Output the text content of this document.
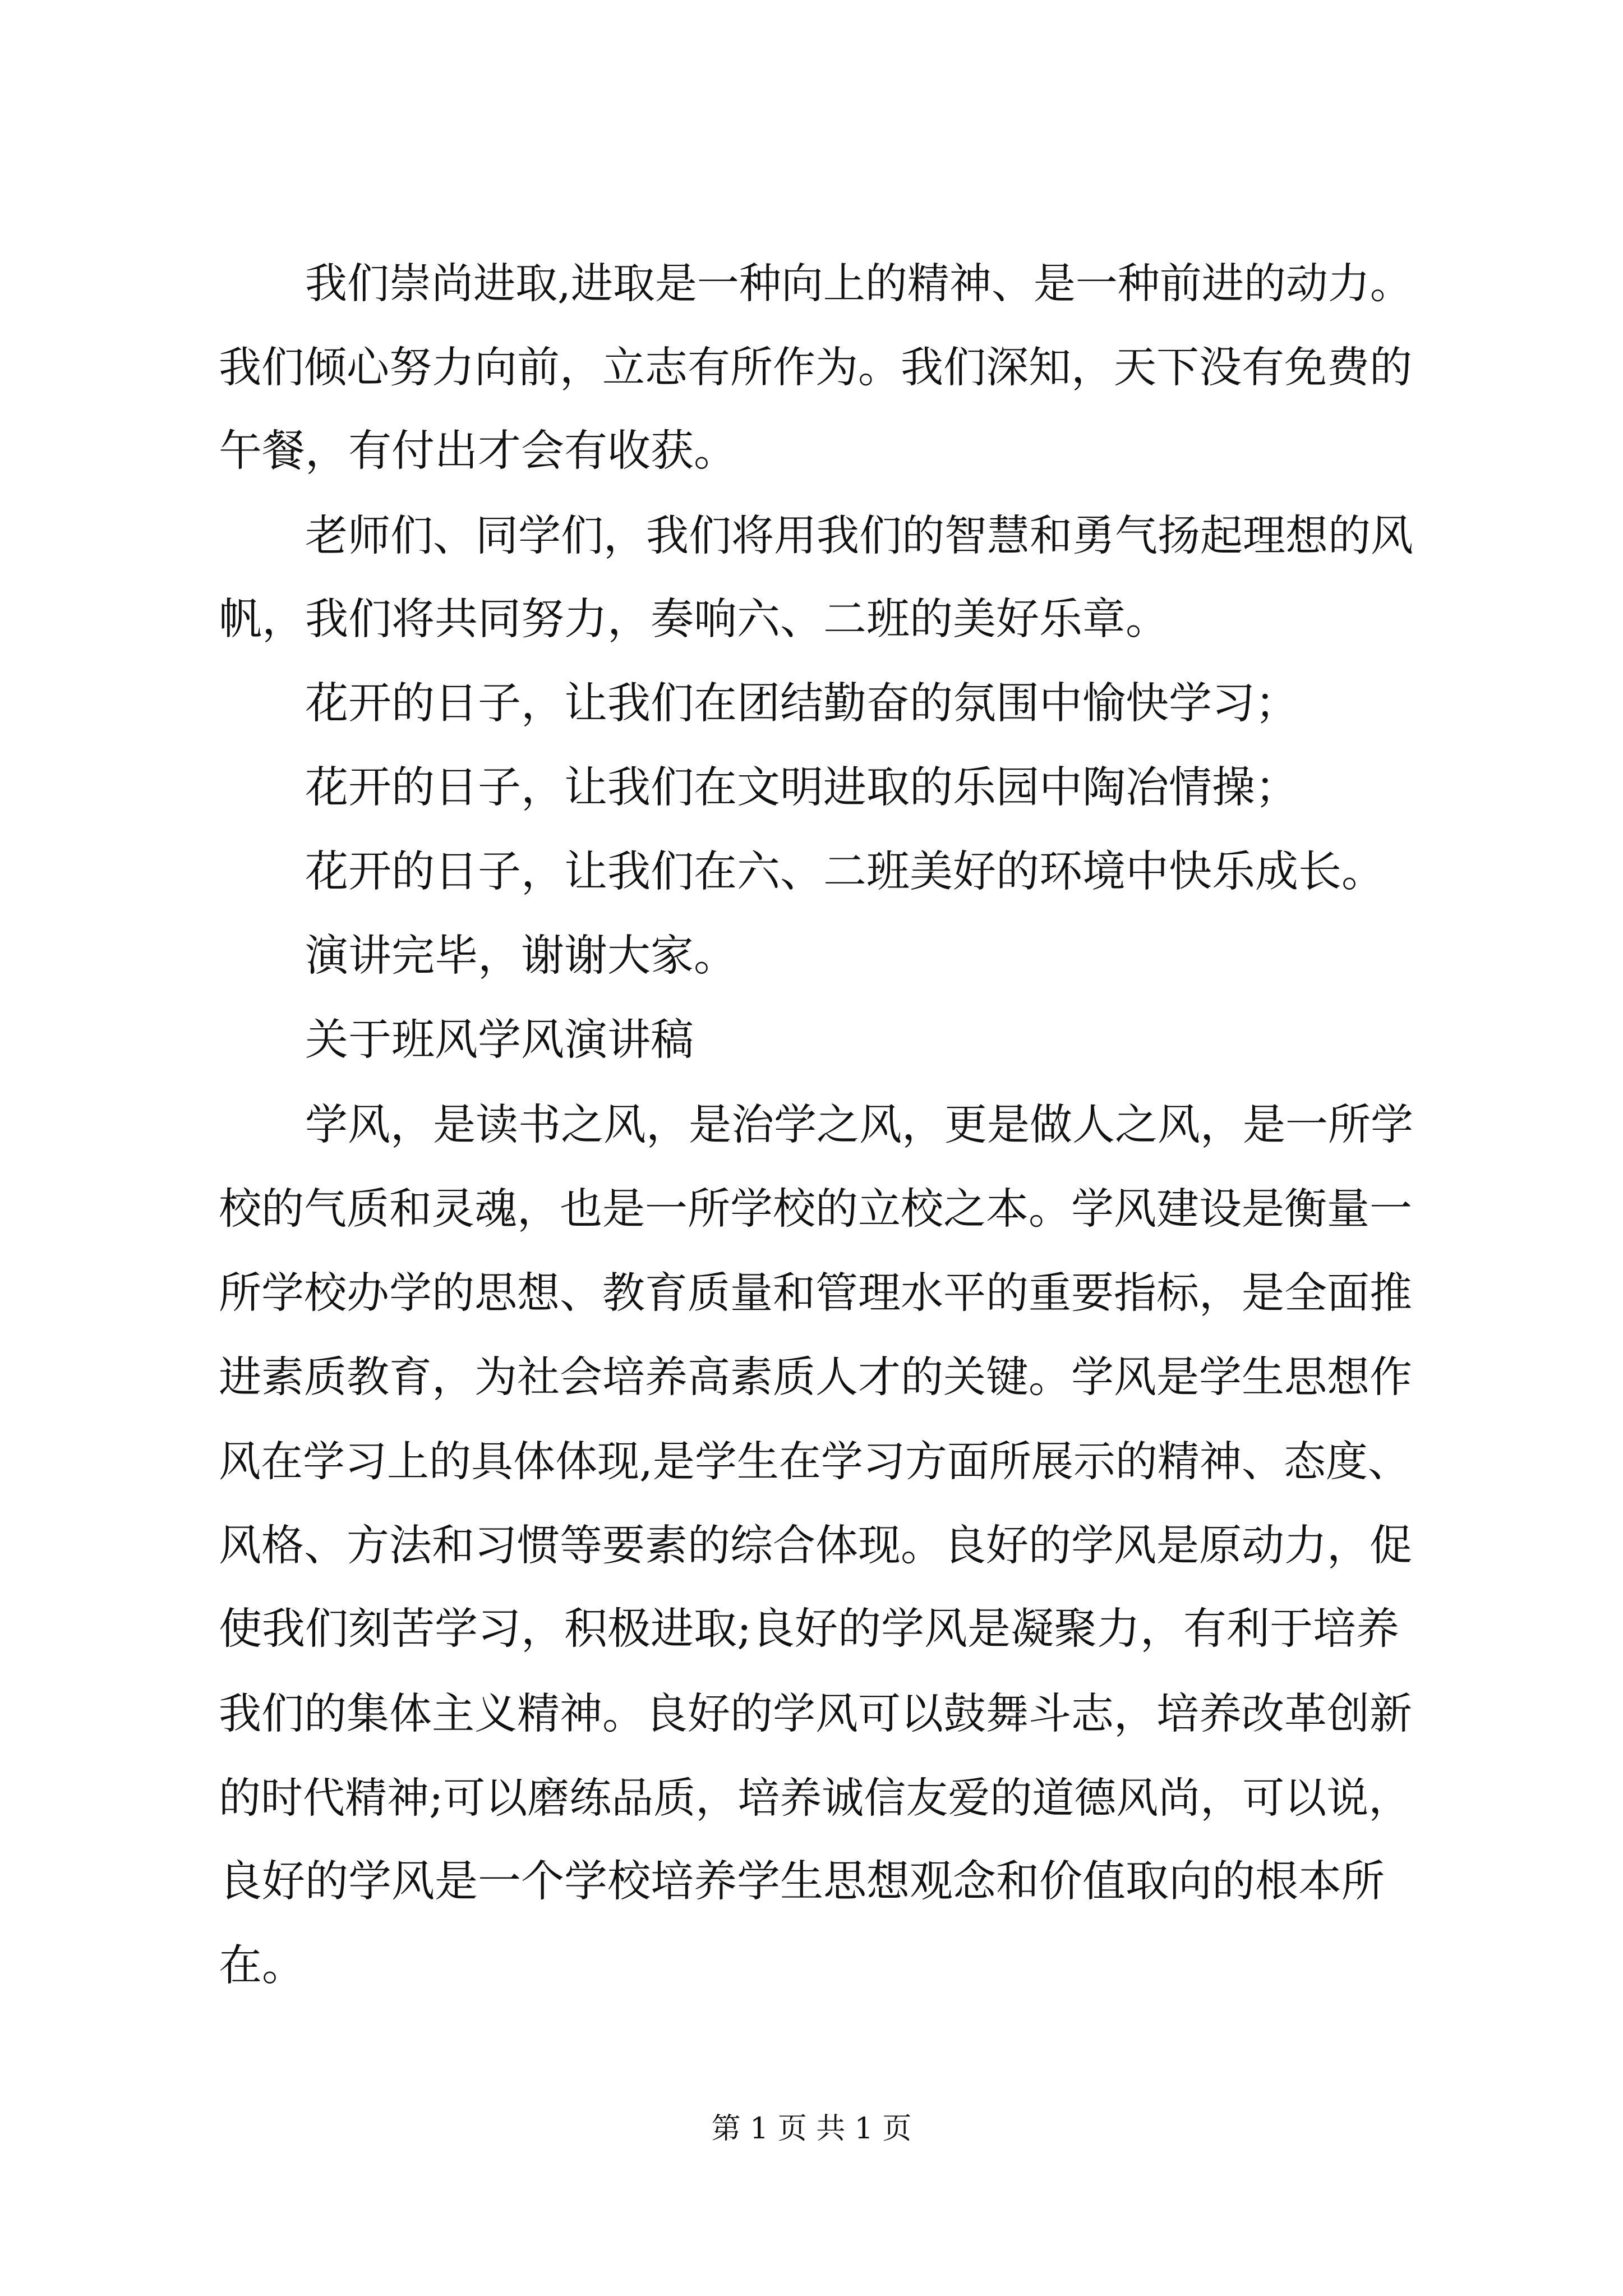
我们崇尚进取,进取是一种向上的精神、是一种前进的动力。
我们倾心努力向前，立志有所作为。我们深知，天下没有免费的
午餐，有付出才会有收获。
老师们、同学们，我们将用我们的智慧和勇气扬起理想的风
帆，我们将共同努力，奏响六、二班的美好乐章。
花开的日子，让我们在团结勤奋的氛围中愉快学习；
花开的日子，让我们在文明进取的乐园中陶冶情操；
花开的日子，让我们在六、二班美好的环境中快乐成长。
演讲完毕，谢谢大家。
关于班风学风演讲稿
学风，是读书之风，是治学之风，更是做人之风，是一所学
校的气质和灵魂，也是一所学校的立校之本。学风建设是衡量一
所学校办学的思想、教育质量和管理水平的重要指标，是全面推
进素质教育，为社会培养高素质人才的关键。学风是学生思想作
风在学习上的具体体现,是学生在学习方面所展示的精神、态度、
风格、方法和习惯等要素的综合体现。良好的学风是原动力，促
使我们刻苦学习，积极进取;良好的学风是凝聚力，有利于培养
我们的集体主义精神。良好的学风可以鼓舞斗志，培养改革创新
的时代精神;可以磨练品质，培养诚信友爱的道德风尚，可以说，
良好的学风是一个学校培养学生思想观念和价值取向的根本所
在。
第 1 页 共 1 页
